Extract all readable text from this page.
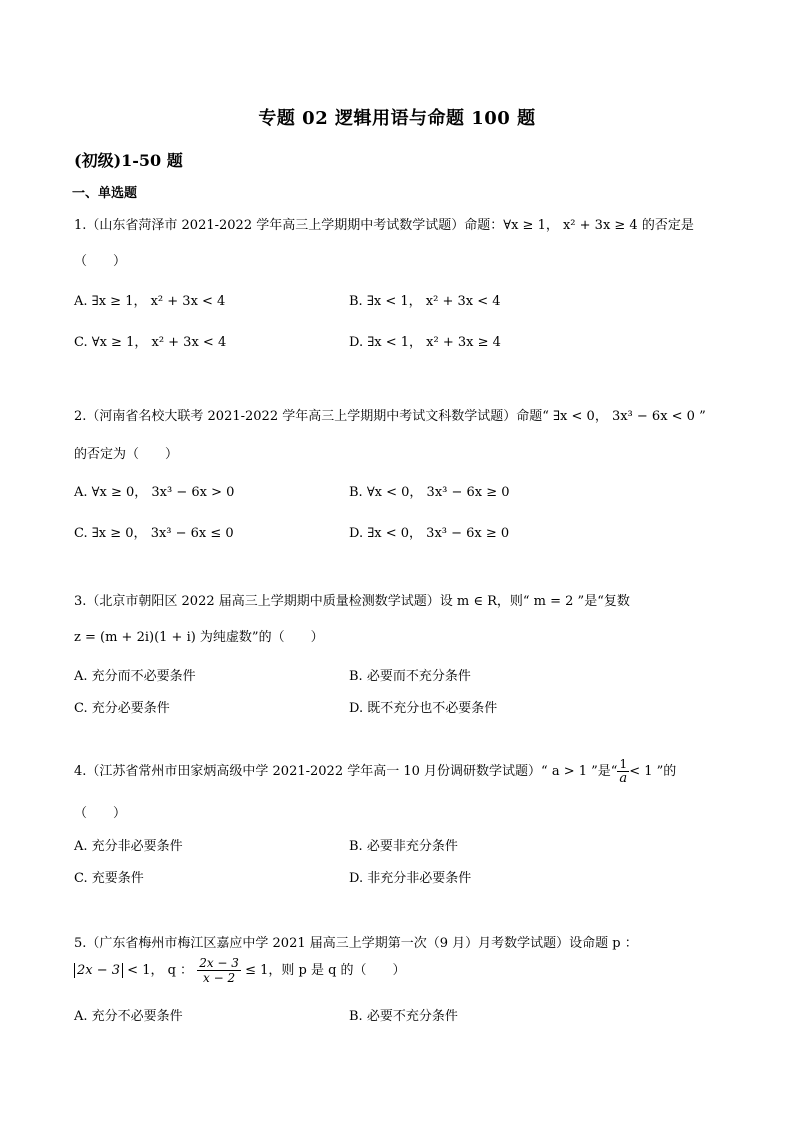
专题 02 逻辑用语与命题 100 题
(初级)1-50 题
一、单选题
1.（山东省菏泽市 2021-2022 学年高三上学期期中考试数学试题）命题：∀x ≥ 1， x² + 3x ≥ 4 的否定是
（　　）
A. ∃x ≥ 1， x² + 3x < 4	B. ∃x < 1， x² + 3x < 4
C. ∀x ≥ 1， x² + 3x < 4	D. ∃x < 1， x² + 3x ≥ 4
2.（河南省名校大联考 2021-2022 学年高三上学期期中考试文科数学试题）命题“ ∃x < 0， 3x³ − 6x < 0 ”
的否定为（　　）
A. ∀x ≥ 0， 3x³ − 6x > 0	B. ∀x < 0， 3x³ − 6x ≥ 0
C. ∃x ≥ 0， 3x³ − 6x ≤ 0	D. ∃x < 0， 3x³ − 6x ≥ 0
3.（北京市朝阳区 2022 届高三上学期期中质量检测数学试题）设 m ∈ R，则“ m = 2 ”是“复数
z = (m + 2i)(1 + i) 为纯虚数”的（　　）
A. 充分而不必要条件	B. 必要而不充分条件
C. 充分必要条件	D. 既不充分也不必要条件
4.（江苏省常州市田家炳高级中学 2021-2022 学年高一 10 月份调研数学试题）“ a > 1 ”是“ $\frac{1}{a} < 1$ ”的
（　　）
A. 充分非必要条件	B. 必要非充分条件
C. 充要条件	D. 非充分非必要条件
5.（广东省梅州市梅江区嘉应中学 2021 届高三上学期第一次（9 月）月考数学试题）设命题 p ：
2x − 3 < 1， q ： $\frac{2x - 3}{x - 2} \le 1$，则 p 是 q 的（　　）
A. 充分不必要条件	B. 必要不充分条件
